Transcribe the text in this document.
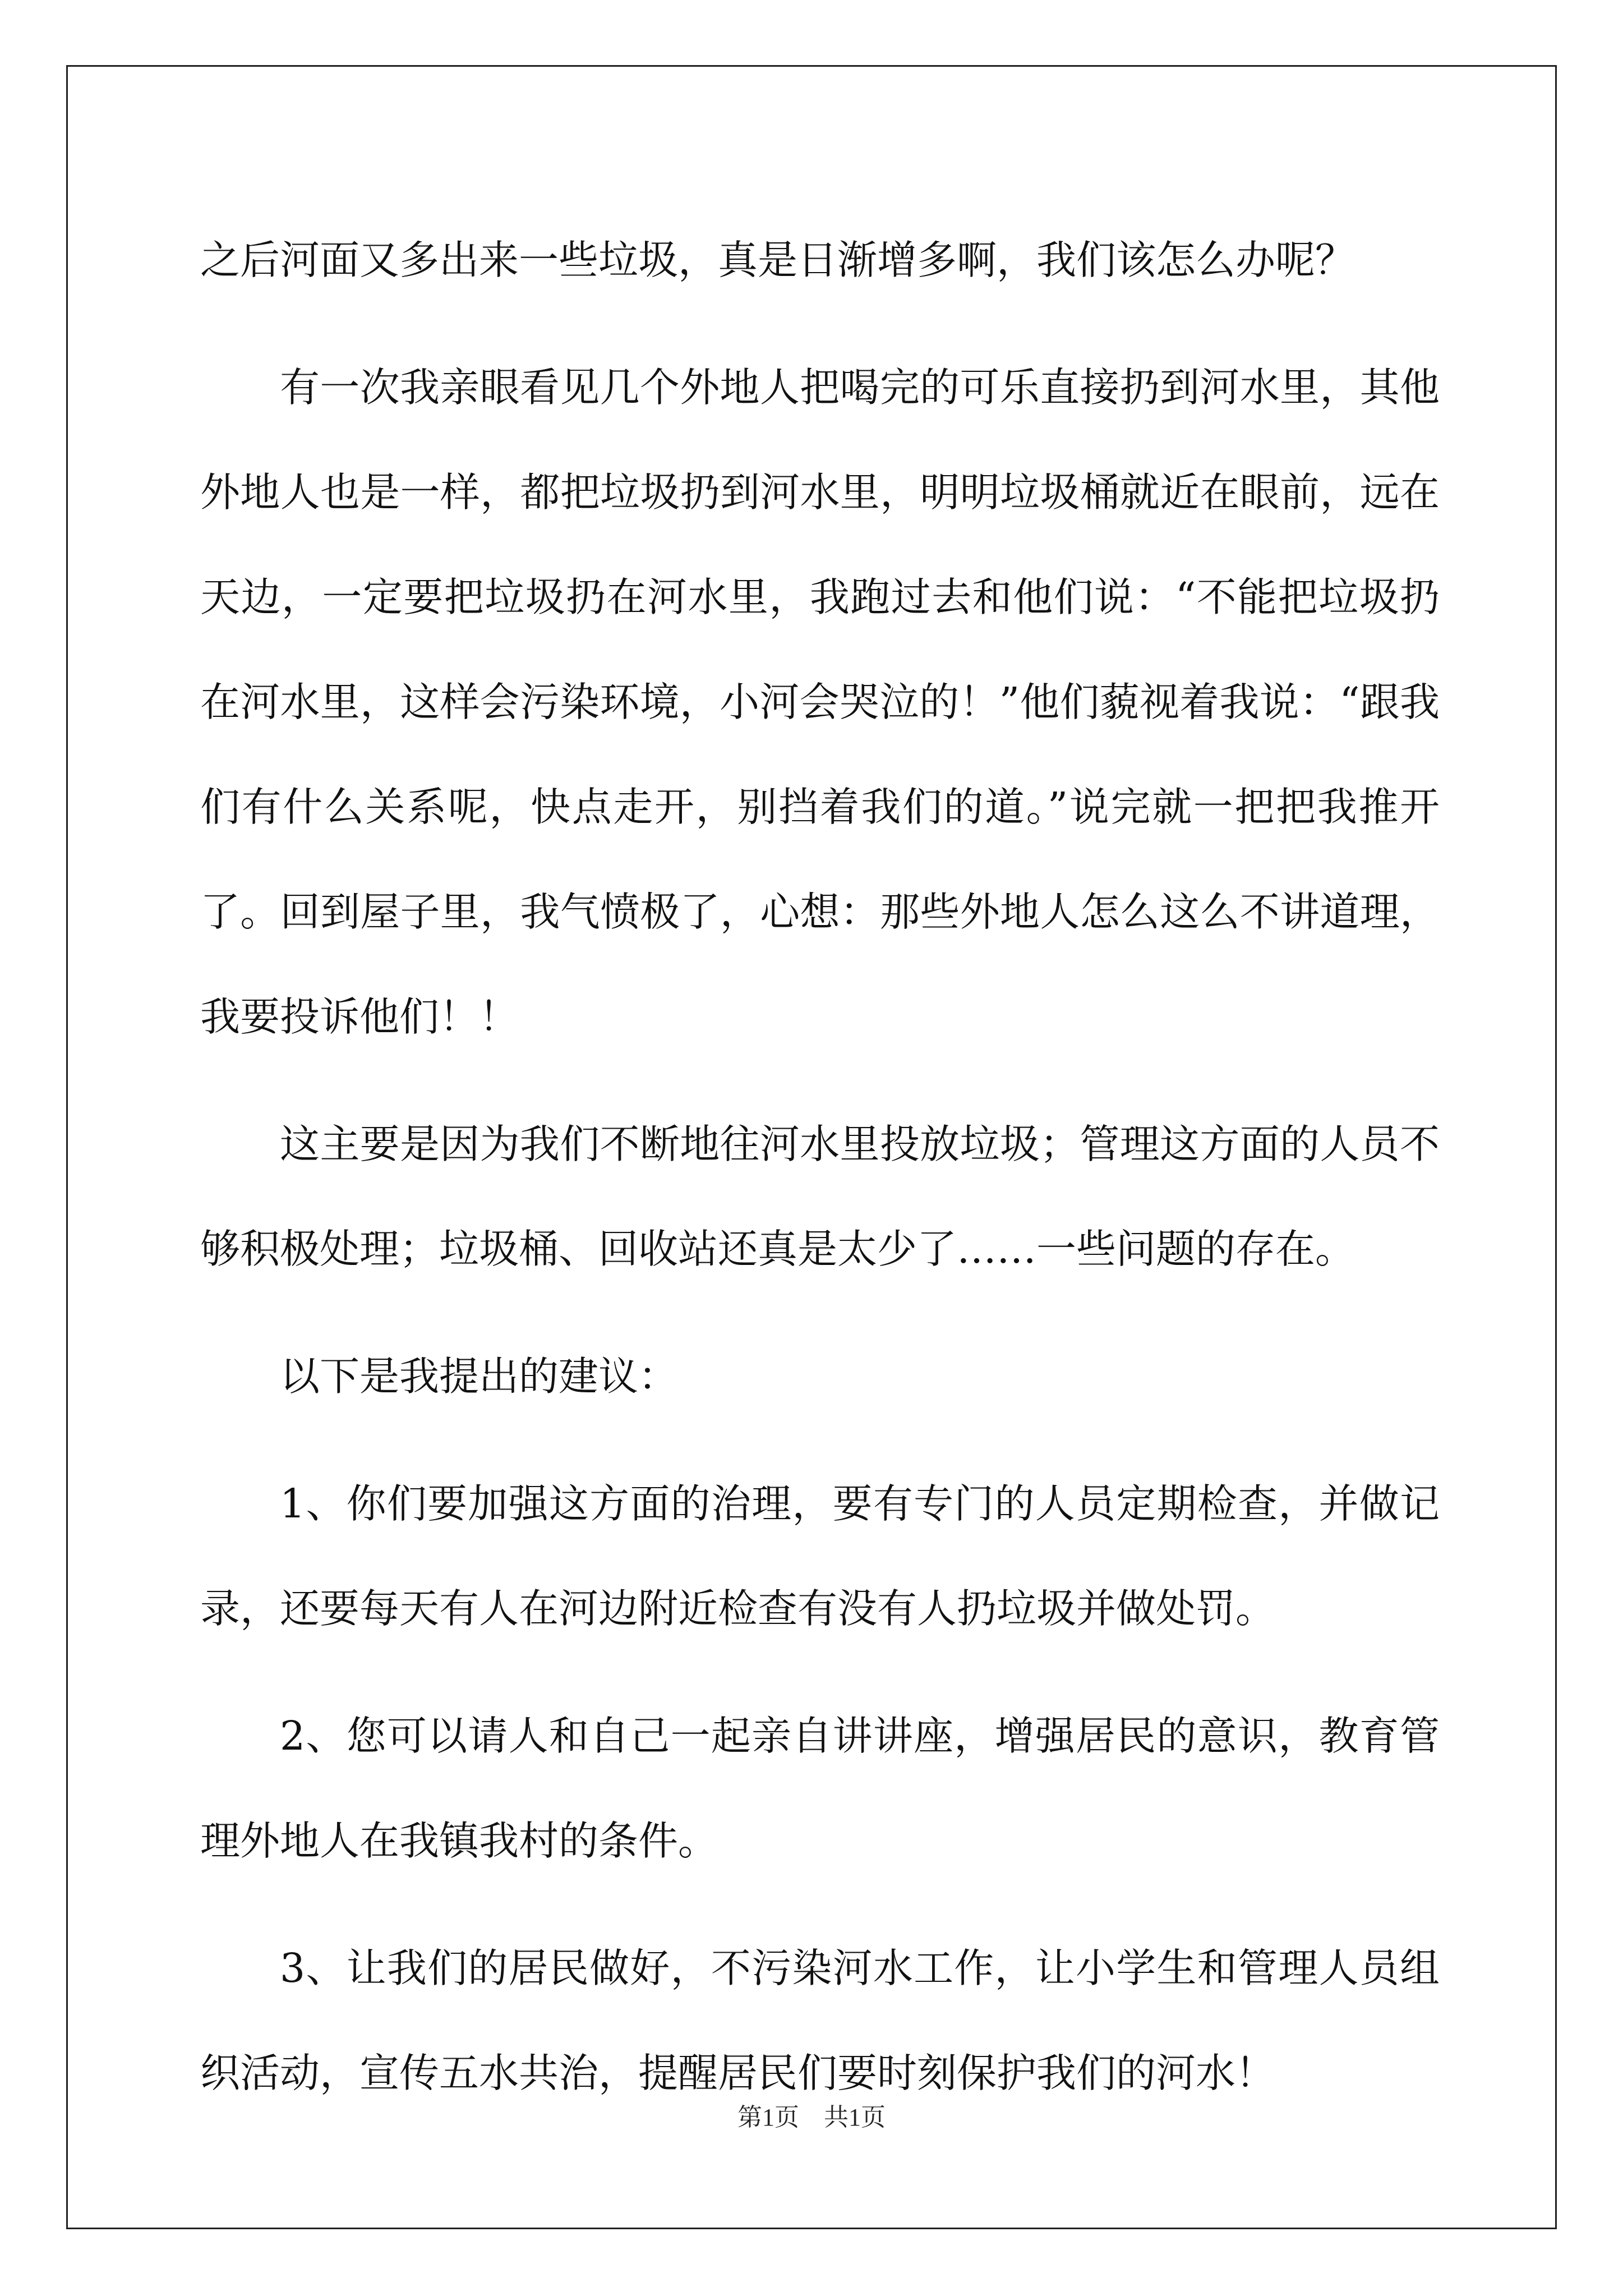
之后河面又多出来一些垃圾，真是日渐增多啊，我们该怎么办呢？

有一次我亲眼看见几个外地人把喝完的可乐直接扔到河水里，其他外地人也是一样，都把垃圾扔到河水里，明明垃圾桶就近在眼前，远在天边，一定要把垃圾扔在河水里，我跑过去和他们说：“不能把垃圾扔在河水里，这样会污染环境，小河会哭泣的！”他们藐视着我说：“跟我们有什么关系呢，快点走开，别挡着我们的道。”说完就一把把我推开了。回到屋子里，我气愤极了，心想：那些外地人怎么这么不讲道理，我要投诉他们！！

这主要是因为我们不断地往河水里投放垃圾；管理这方面的人员不够积极处理；垃圾桶、回收站还真是太少了……一些问题的存在。

以下是我提出的建议：

1、你们要加强这方面的治理，要有专门的人员定期检查，并做记录，还要每天有人在河边附近检查有没有人扔垃圾并做处罚。

2、您可以请人和自己一起亲自讲讲座，增强居民的意识，教育管理外地人在我镇我村的条件。

3、让我们的居民做好，不污染河水工作，让小学生和管理人员组织活动，宣传五水共治，提醒居民们要时刻保护我们的河水！

第1页　共1页
